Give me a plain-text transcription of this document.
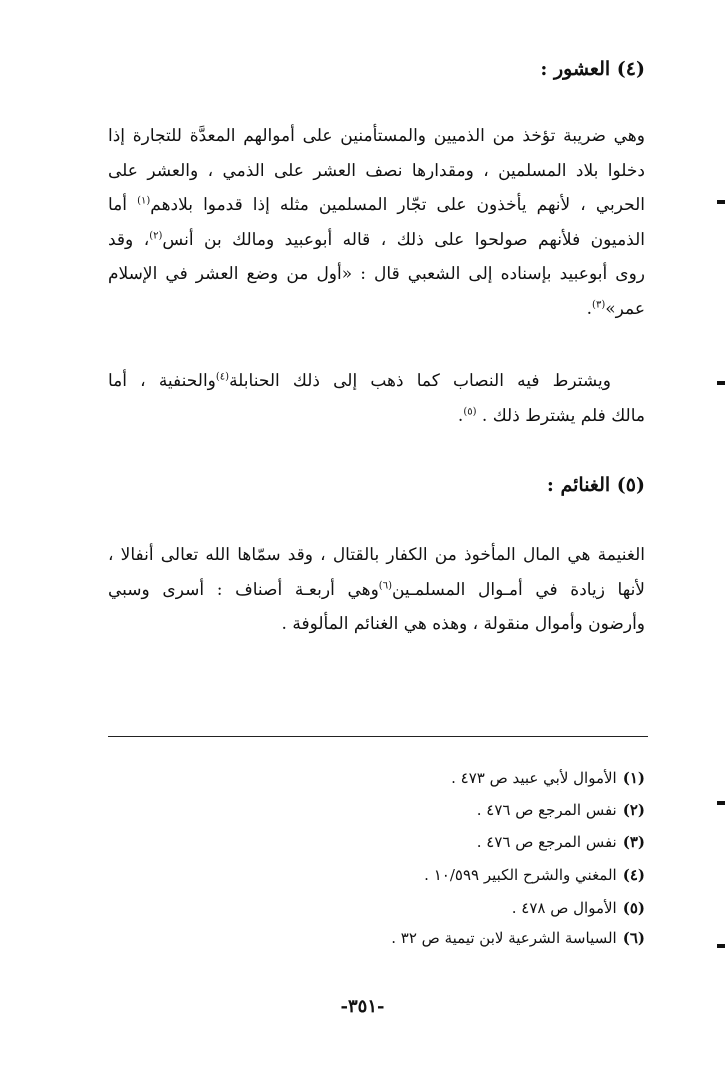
(٤) العشور :
وهي ضريبة تؤخذ من الذميين والمستأمنين على أموالهم المعدَّة للتجارة إذا
دخلوا بلاد المسلمين ، ومقدارها نصف العشر على الذمي ، والعشر على
الحربي ، لأنهم يأخذون على تجّار المسلمين مثله إذا قدموا بلادهم$^{(١)}$ أما
الذميون فلأنهم صولحوا على ذلك ، قاله أبوعبيد ومالك بن أنس$^{(٢)}$، وقد
روى أبوعبيد بإسناده إلى الشعبي قال : «أول من وضع العشر في الإسلام
عمر»$^{(٣)}$.
ويشترط فيه النصاب كما ذهب إلى ذلك الحنابلة$^{(٤)}$والحنفية ، أما
مالك فلم يشترط ذلك . $^{(٥)}$.
(٥) الغنائم :
الغنيمة هي المال المأخوذ من الكفار بالقتال ، وقد سمّاها الله تعالى أنفالا ،
لأنها زيادة في أمـوال المسلمـين$^{(٦)}$وهي أربعـة أصناف : أسرى وسبي
وأرضون وأموال منقولة ، وهذه هي الغنائم المألوفة .
(١)الأموال لأبي عبيد ص ٤٧٣ .
(٢)نفس المرجع ص ٤٧٦ .
(٣)نفس المرجع ص ٤٧٦ .
(٤)المغني والشرح الكبير ١٠/٥٩٩ .
(٥)الأموال ص ٤٧٨ .
(٦)السياسة الشرعية لابن تيمية ص ٣٢ .
-٣٥١-
